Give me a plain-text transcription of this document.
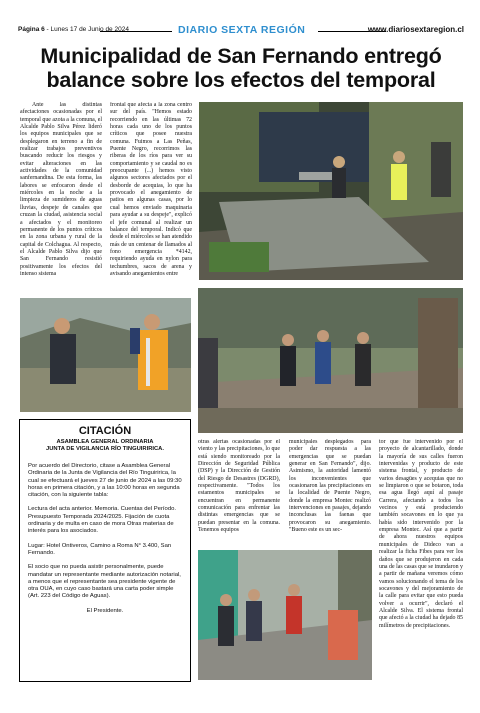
Página 6 - Lunes 17 de Junio de 2024	DIARIO SEXTA REGIÓN	www.diariosextaregion.cl
Municipalidad de San Fernando entregó balance sobre los efectos del temporal

Ante las distintas afectaciones ocasionadas por el temporal que azota a la comuna, el Alcalde Pablo Silva Pérez lideró los equipos municipales que se desplegaron en terreno a fin de realizar trabajos preventivos buscando reducir los riesgos y evitar alteraciones en las actividades de la comunidad sanfernandina. De esta forma, las labores se enfocaron desde el miércoles en la noche a la limpieza de sumideros de aguas lluvias, despeje de canales que cruzan la ciudad, asistencia social a afectados y el monitoreo permanente de los puntos críticos en la zona urbana y rural de la capital de Colchagua. Al respecto, el Alcalde Pablo Silva dijo que San Fernando resistió positivamente los efectos del intenso sistema

frontal que afecta a la zona centro sur del país. "Hemos estado recorriendo en las últimas 72 horas cada uno de los puntos críticos que posee nuestra comuna. Fuimos a Las Peñas, Puente Negro, recorrimos las riberas de los ríos para ver su comportamiento y se caudal no es preocupante (...) hemos visto algunos sectores afectados por el desborde de acequias, lo que ha provocado el anegamiento de patios en algunas casas, por lo cual hemos enviado maquinaria para ayudar a su despeje", explicó el jefe comunal al realizar un balance del temporal. Indicó que desde el miércoles se han atendido más de un centenar de llamados al fono emergencia *4142, requiriendo ayuda en nylon para techumbres, sacos de arena y avisando anegamientos entre

otras alertas ocasionadas por el viento y las precipitaciones, lo que está siendo monitoreado por la Dirección de Seguridad Pública (DSP) y la Dirección de Gestión del Riesgo de Desastres (DGRD), respectivamente. "Todos los estamentos municipales se encuentran en permanente comunicación para enfrentar las distintas emergencias que se puedan presentar en la comuna. Tenemos equipos

municipales desplegados para poder dar respuesta a las emergencias que se puedan generar en San Fernando", dijo. Asimismo, la autoridad lamentó los inconvenientes que ocasionaron las precipitaciones en la localidad de Puente Negro, donde la empresa Montec realizó intervenciones en pasajes, dejando inconclusas las faenas que provocaron su anegamiento. "Bueno este es un sec-

tor que fue intervenido por el proyecto de alcantarillado, donde la mayoría de sus calles fueron intervenidas y producto de este sistema frontal, y producto de varios desagües y acequias que no se limpiaron o que se botaron, toda esa agua llegó aquí al pasaje Carrera, afectando a todos los vecinos y está produciendo también socavones en lo que ya había sido intervenido por la empresa Montec. Así que a partir de ahora nuestros equipos municipales de Dideco van a realizar la ficha Fibes para ver los daños que se produjeron en cada una de las casas que se inundaron y a partir de mañana veremos cómo vamos solucionando el tema de los socavones y del mejoramiento de la calle para evitar que esto pueda volver a ocurrir", declaró el Alcalde Silva. El sistema frontal que afectó a la ciudad ha dejado 85 milímetros de precipitaciones.

CITACIÓN
ASAMBLEA GENERAL ORDINARIA
JUNTA DE VIGILANCIA RÍO TINGUIRIRICA.

Por acuerdo del Directorio, citase a Asamblea General Ordinaria de la Junta de Vigilancia del Río Tinguiririca, la cual se efectuará el jueves 27 de junio de 2024 a las 09:30 horas en primera citación, y a las 10:00 horas en segunda citación, con la siguiente tabla:

Lectura del acta anterior. Memoria. Cuentas del Período. Presupuesto Temporada 2024/2025. Fijación de cuota ordinaria y de multa en caso de mora Otras materias de interés para los asociados.

Lugar: Hotel Ontiveros, Camino a Roma N° 3.400, San Fernando.

El socio que no pueda asistir personalmente, puede mandatar un representante mediante autorización notarial, a menos que el representante sea presidente vigente de otra OUA, en cuyo caso bastará una carta poder simple (Art. 223 del Código de Aguas).

El Presidente.
